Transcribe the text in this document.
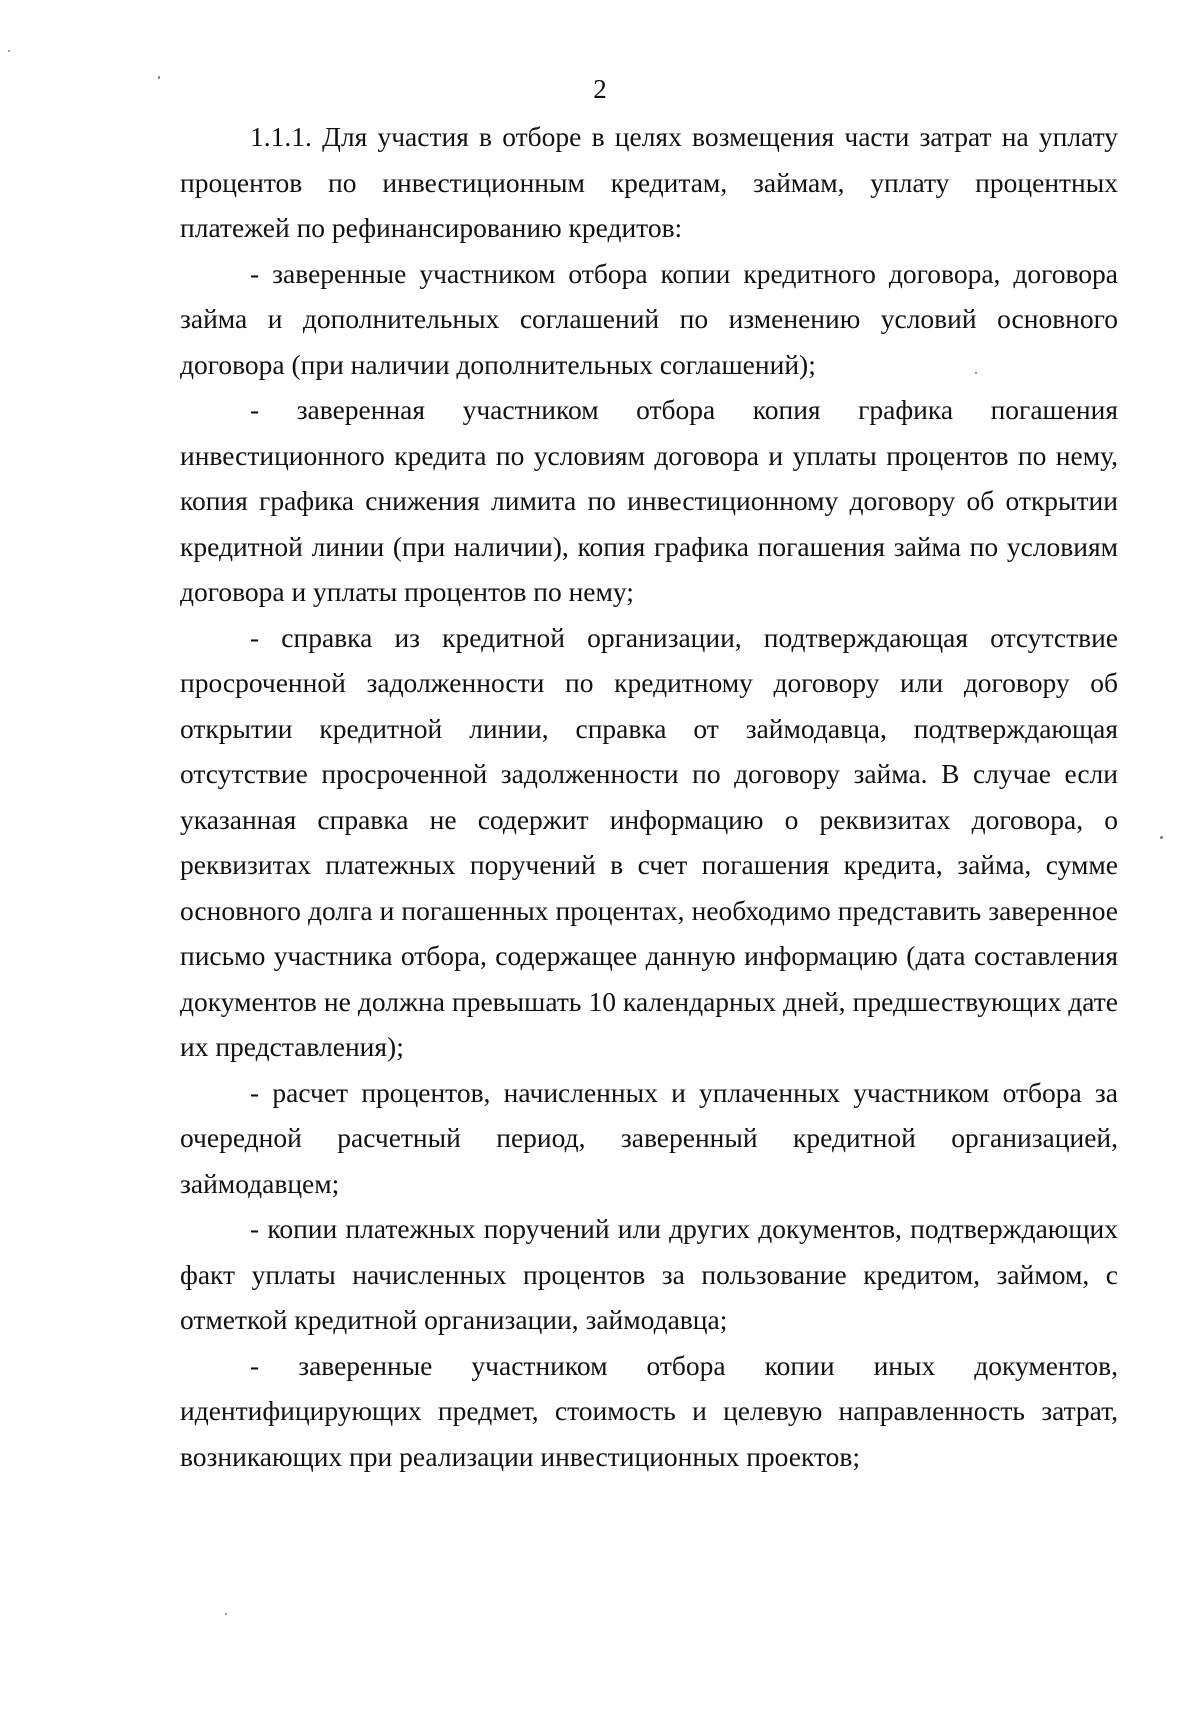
2

1.1.1. Для участия в отборе в целях возмещения части затрат на уплату процентов по инвестиционным кредитам, займам, уплату процентных платежей по рефинансированию кредитов:

- заверенные участником отбора копии кредитного договора, договора займа и дополнительных соглашений по изменению условий основного договора (при наличии дополнительных соглашений);

- заверенная участником отбора копия графика погашения инвестиционного кредита по условиям договора и уплаты процентов по нему, копия графика снижения лимита по инвестиционному договору об открытии кредитной линии (при наличии), копия графика погашения займа по условиям договора и уплаты процентов по нему;

- справка из кредитной организации, подтверждающая отсутствие просроченной задолженности по кредитному договору или договору об открытии кредитной линии, справка от займодавца, подтверждающая отсутствие просроченной задолженности по договору займа. В случае если указанная справка не содержит информацию о реквизитах договора, о реквизитах платежных поручений в счет погашения кредита, займа, сумме основного долга и погашенных процентах, необходимо представить заверенное письмо участника отбора, содержащее данную информацию (дата составления документов не должна превышать 10 календарных дней, предшествующих дате их представления);

- расчет процентов, начисленных и уплаченных участником отбора за очередной расчетный период, заверенный кредитной организацией, займодавцем;

- копии платежных поручений или других документов, подтверждающих факт уплаты начисленных процентов за пользование кредитом, займом, с отметкой кредитной организации, займодавца;

- заверенные участником отбора копии иных документов, идентифицирующих предмет, стоимость и целевую направленность затрат, возникающих при реализации инвестиционных проектов;
